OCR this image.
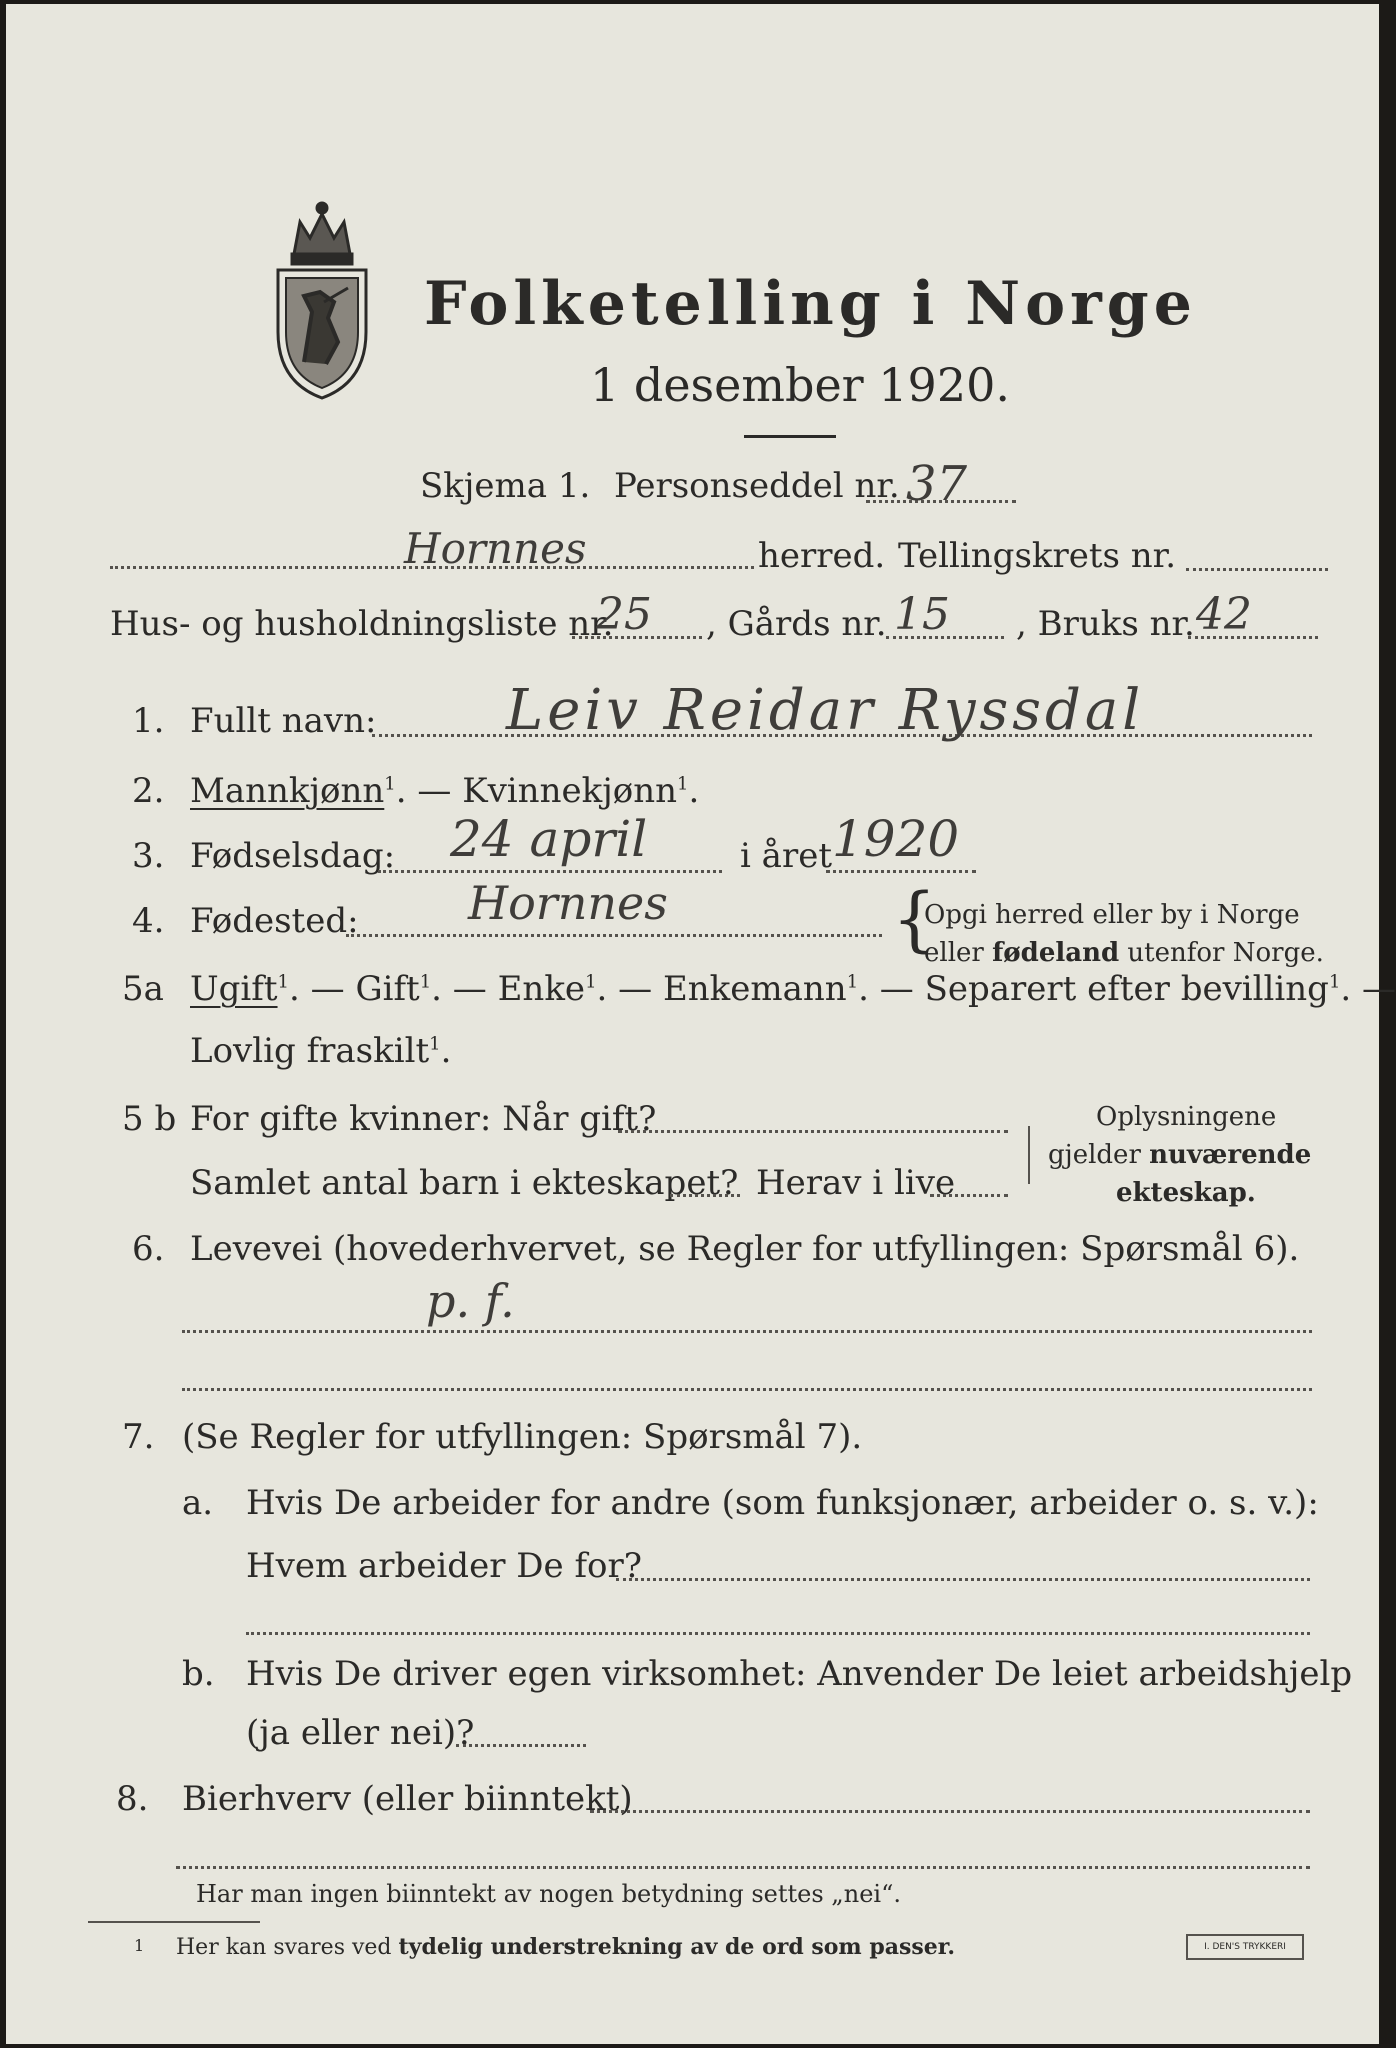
Folketelling i Norge
1 desember 1920.
Skjema 1. Personseddel nr. 37
Hornnes	herred. Tellingskrets nr.
Hus- og husholdningsliste nr.
25 , Gårds nr. 15 , Bruks nr. 42
1. Fullt navn: Leiv Reidar Ryssdal
2. Mannkjønn$^1$. — Kvinnekjønn$^1$.
3. Fødselsdag: 24 april	i året 1920
4. Fødested: Hornnes	{
Opgi herred eller by i Norge
eller fødeland utenfor Norge.
5a Ugift$^1$. — Gift$^1$. — Enke$^1$. — Enkemann$^1$. — Separert efter bevilling$^1$. —
Lovlig fraskilt$^1$.
5 b For gifte kvinner: Når gift?
Samlet antal barn i ekteskapet? Herav i live
Oplysningene
gjelder nuværende
ekteskap.
6. Levevei (hovederhvervet, se Regler for utfyllingen: Spørsmål 6).
p. f.
7. (Se Regler for utfyllingen: Spørsmål 7).
a. Hvis De arbeider for andre (som funksjonær, arbeider o. s. v.):
Hvem arbeider De for?
b. Hvis De driver egen virksomhet: Anvender De leiet arbeidshjelp
(ja eller nei)?
8. Bierhverv (eller biinntekt)
Har man ingen biinntekt av nogen betydning settes „nei“.
1 Her kan svares ved tydelig understrekning av de ord som passer.	I. DEN'S TRYKKERI
